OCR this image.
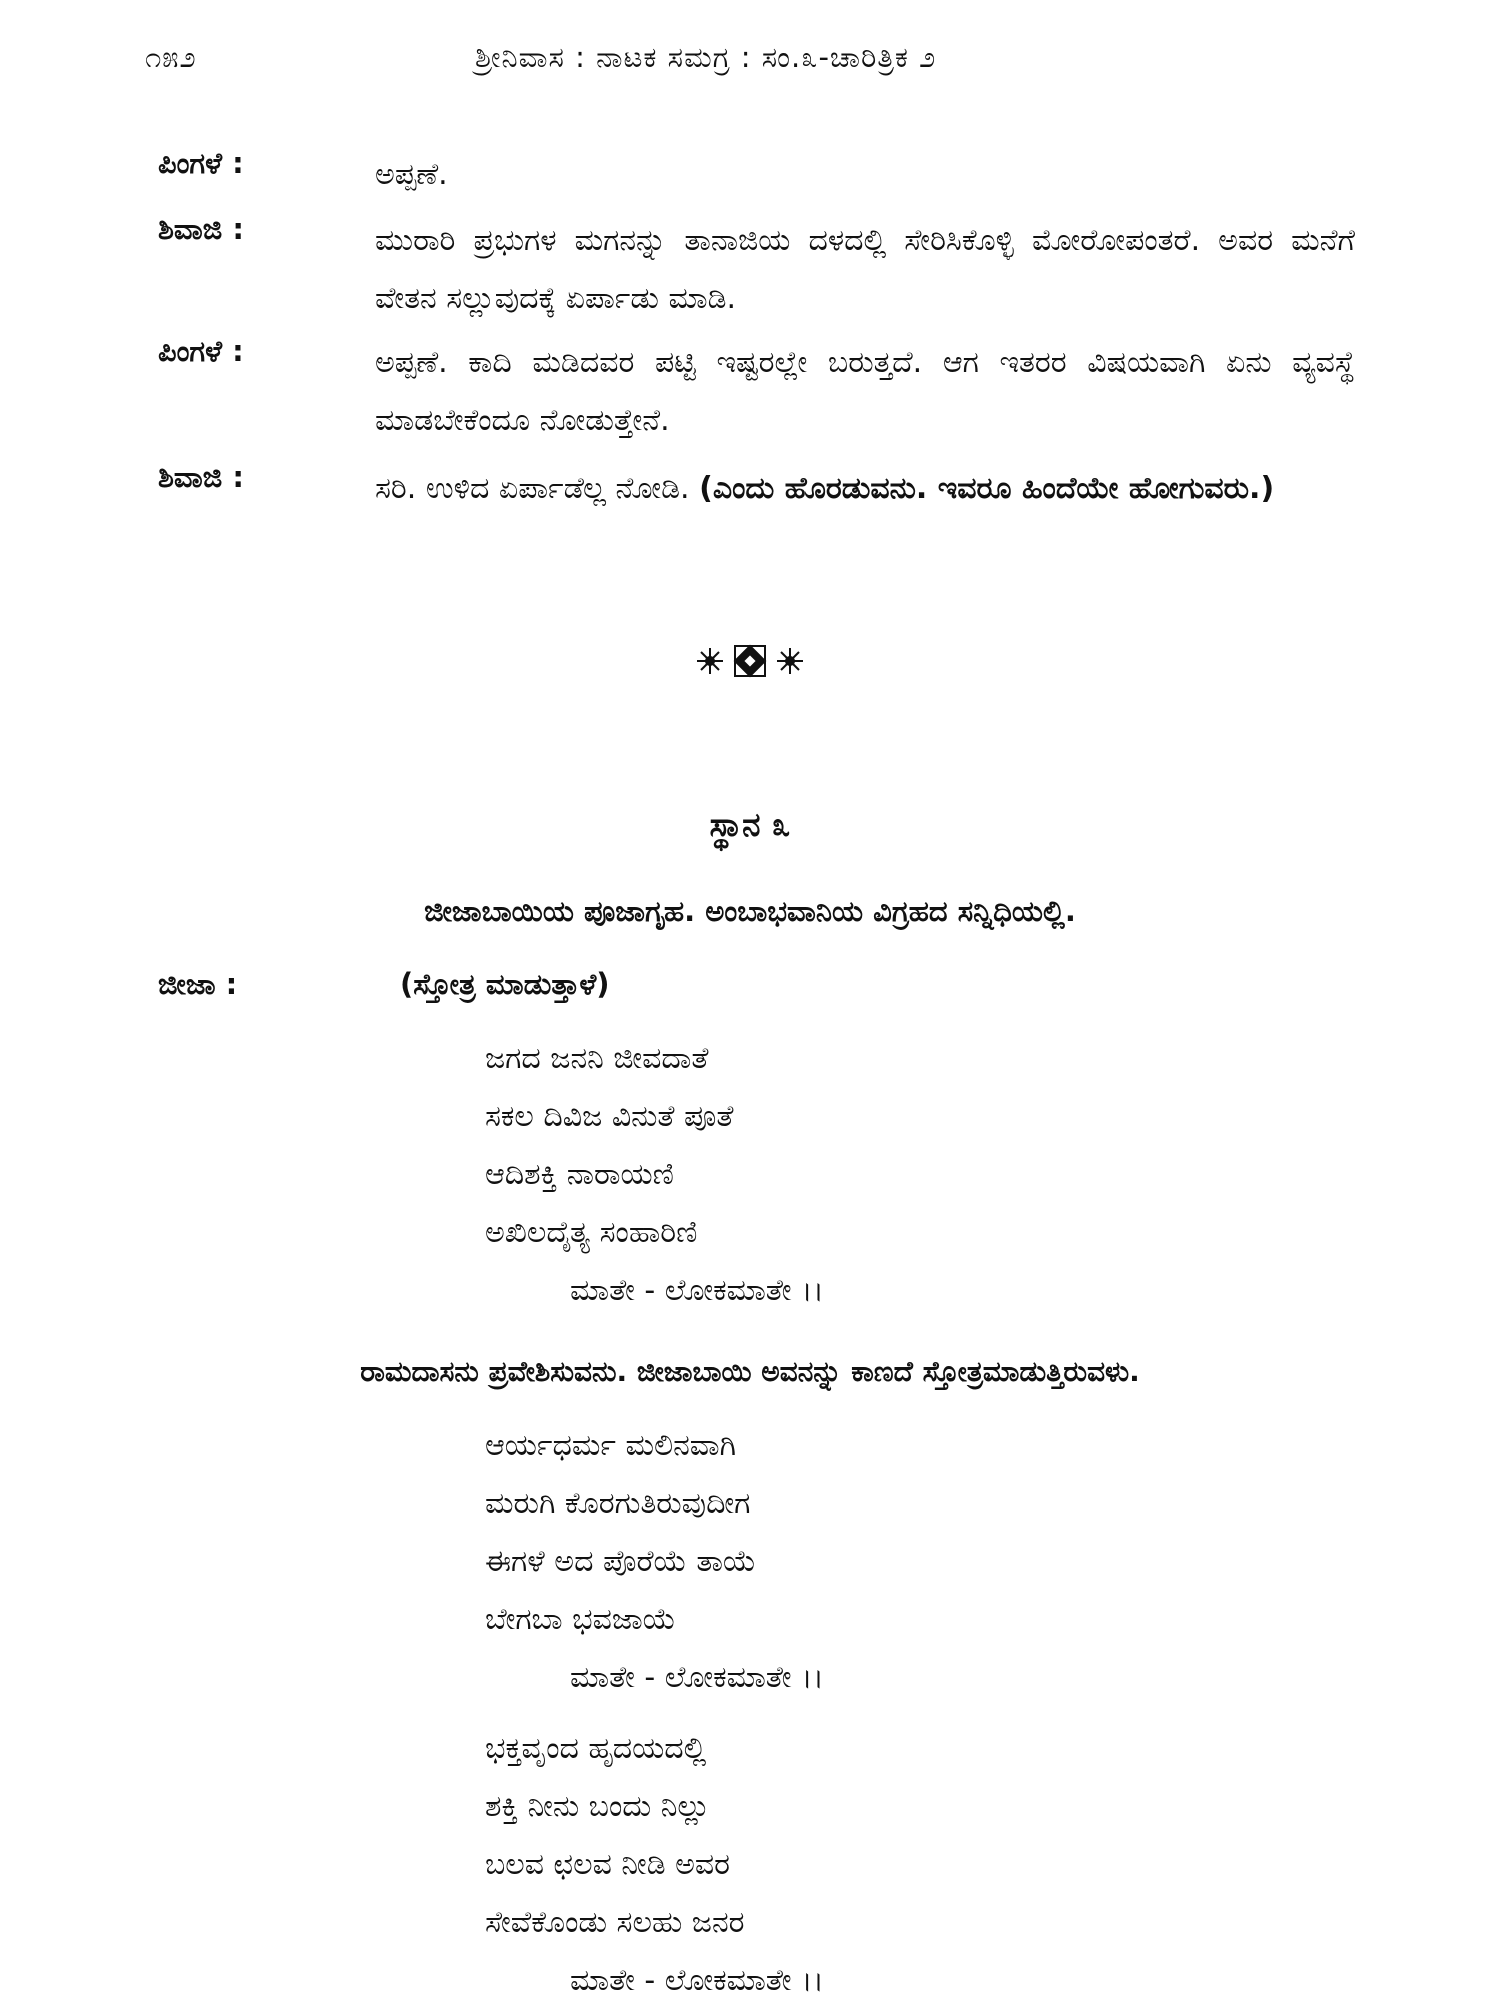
೧೫೨	ಶ್ರೀನಿವಾಸ : ನಾಟಕ ಸಮಗ್ರ : ಸಂ.೩-ಚಾರಿತ್ರಿಕ ೨
ಪಿಂಗಳೆ :	ಅಪ್ಪಣೆ.
ಶಿವಾಜಿ :	ಮುರಾರಿ ಪ್ರಭುಗಳ ಮಗನನ್ನು ತಾನಾಜಿಯ ದಳದಲ್ಲಿ ಸೇರಿಸಿಕೊಳ್ಳಿ ಮೋರೋಪಂತರೆ. ಅವರ ಮನೆಗೆ ವೇತನ ಸಲ್ಲುವುದಕ್ಕೆ ಏರ್ಪಾಡು ಮಾಡಿ.
ಪಿಂಗಳೆ :	ಅಪ್ಪಣೆ. ಕಾದಿ ಮಡಿದವರ ಪಟ್ಟಿ ಇಷ್ಟರಲ್ಲೇ ಬರುತ್ತದೆ. ಆಗ ಇತರರ ವಿಷಯವಾಗಿ ಏನು ವ್ಯವಸ್ಥೆ ಮಾಡಬೇಕೆಂದೂ ನೋಡುತ್ತೇನೆ.
ಶಿವಾಜಿ :	ಸರಿ. ಉಳಿದ ಏರ್ಪಾಡೆಲ್ಲ ನೋಡಿ. (ಎಂದು ಹೊರಡುವನು. ಇವರೂ ಹಿಂದೆಯೇ ಹೋಗುವರು.)
ಸ್ಥಾನ ೩
ಜೀಜಾಬಾಯಿಯ ಪೂಜಾಗೃಹ. ಅಂಬಾಭವಾನಿಯ ವಿಗ್ರಹದ ಸನ್ನಿಧಿಯಲ್ಲಿ.
ಜೀಜಾ :	(ಸ್ತೋತ್ರ ಮಾಡುತ್ತಾಳೆ)
ಜಗದ ಜನನಿ ಜೀವದಾತೆ
ಸಕಲ ದಿವಿಜ ವಿನುತೆ ಪೂತೆ
ಆದಿಶಕ್ತಿ ನಾರಾಯಣಿ
ಅಖಿಲದೈತ್ಯ ಸಂಹಾರಿಣಿ
ಮಾತೇ - ಲೋಕಮಾತೇ ।।
ರಾಮದಾಸನು ಪ್ರವೇಶಿಸುವನು. ಜೀಜಾಬಾಯಿ ಅವನನ್ನು ಕಾಣದೆ ಸ್ತೋತ್ರಮಾಡುತ್ತಿರುವಳು.
ಆರ್ಯಧರ್ಮ ಮಲಿನವಾಗಿ
ಮರುಗಿ ಕೊರಗುತಿರುವುದೀಗ
ಈಗಳೆ ಅದ ಪೊರೆಯೆ ತಾಯೆ
ಬೇಗಬಾ ಭವಜಾಯೆ
ಮಾತೇ - ಲೋಕಮಾತೇ ।।
ಭಕ್ತವೃಂದ ಹೃದಯದಲ್ಲಿ
ಶಕ್ತಿ ನೀನು ಬಂದು ನಿಲ್ಲು
ಬಲವ ಛಲವ ನೀಡಿ ಅವರ
ಸೇವೆಕೊಂಡು ಸಲಹು ಜನರ
ಮಾತೇ - ಲೋಕಮಾತೇ ।।
